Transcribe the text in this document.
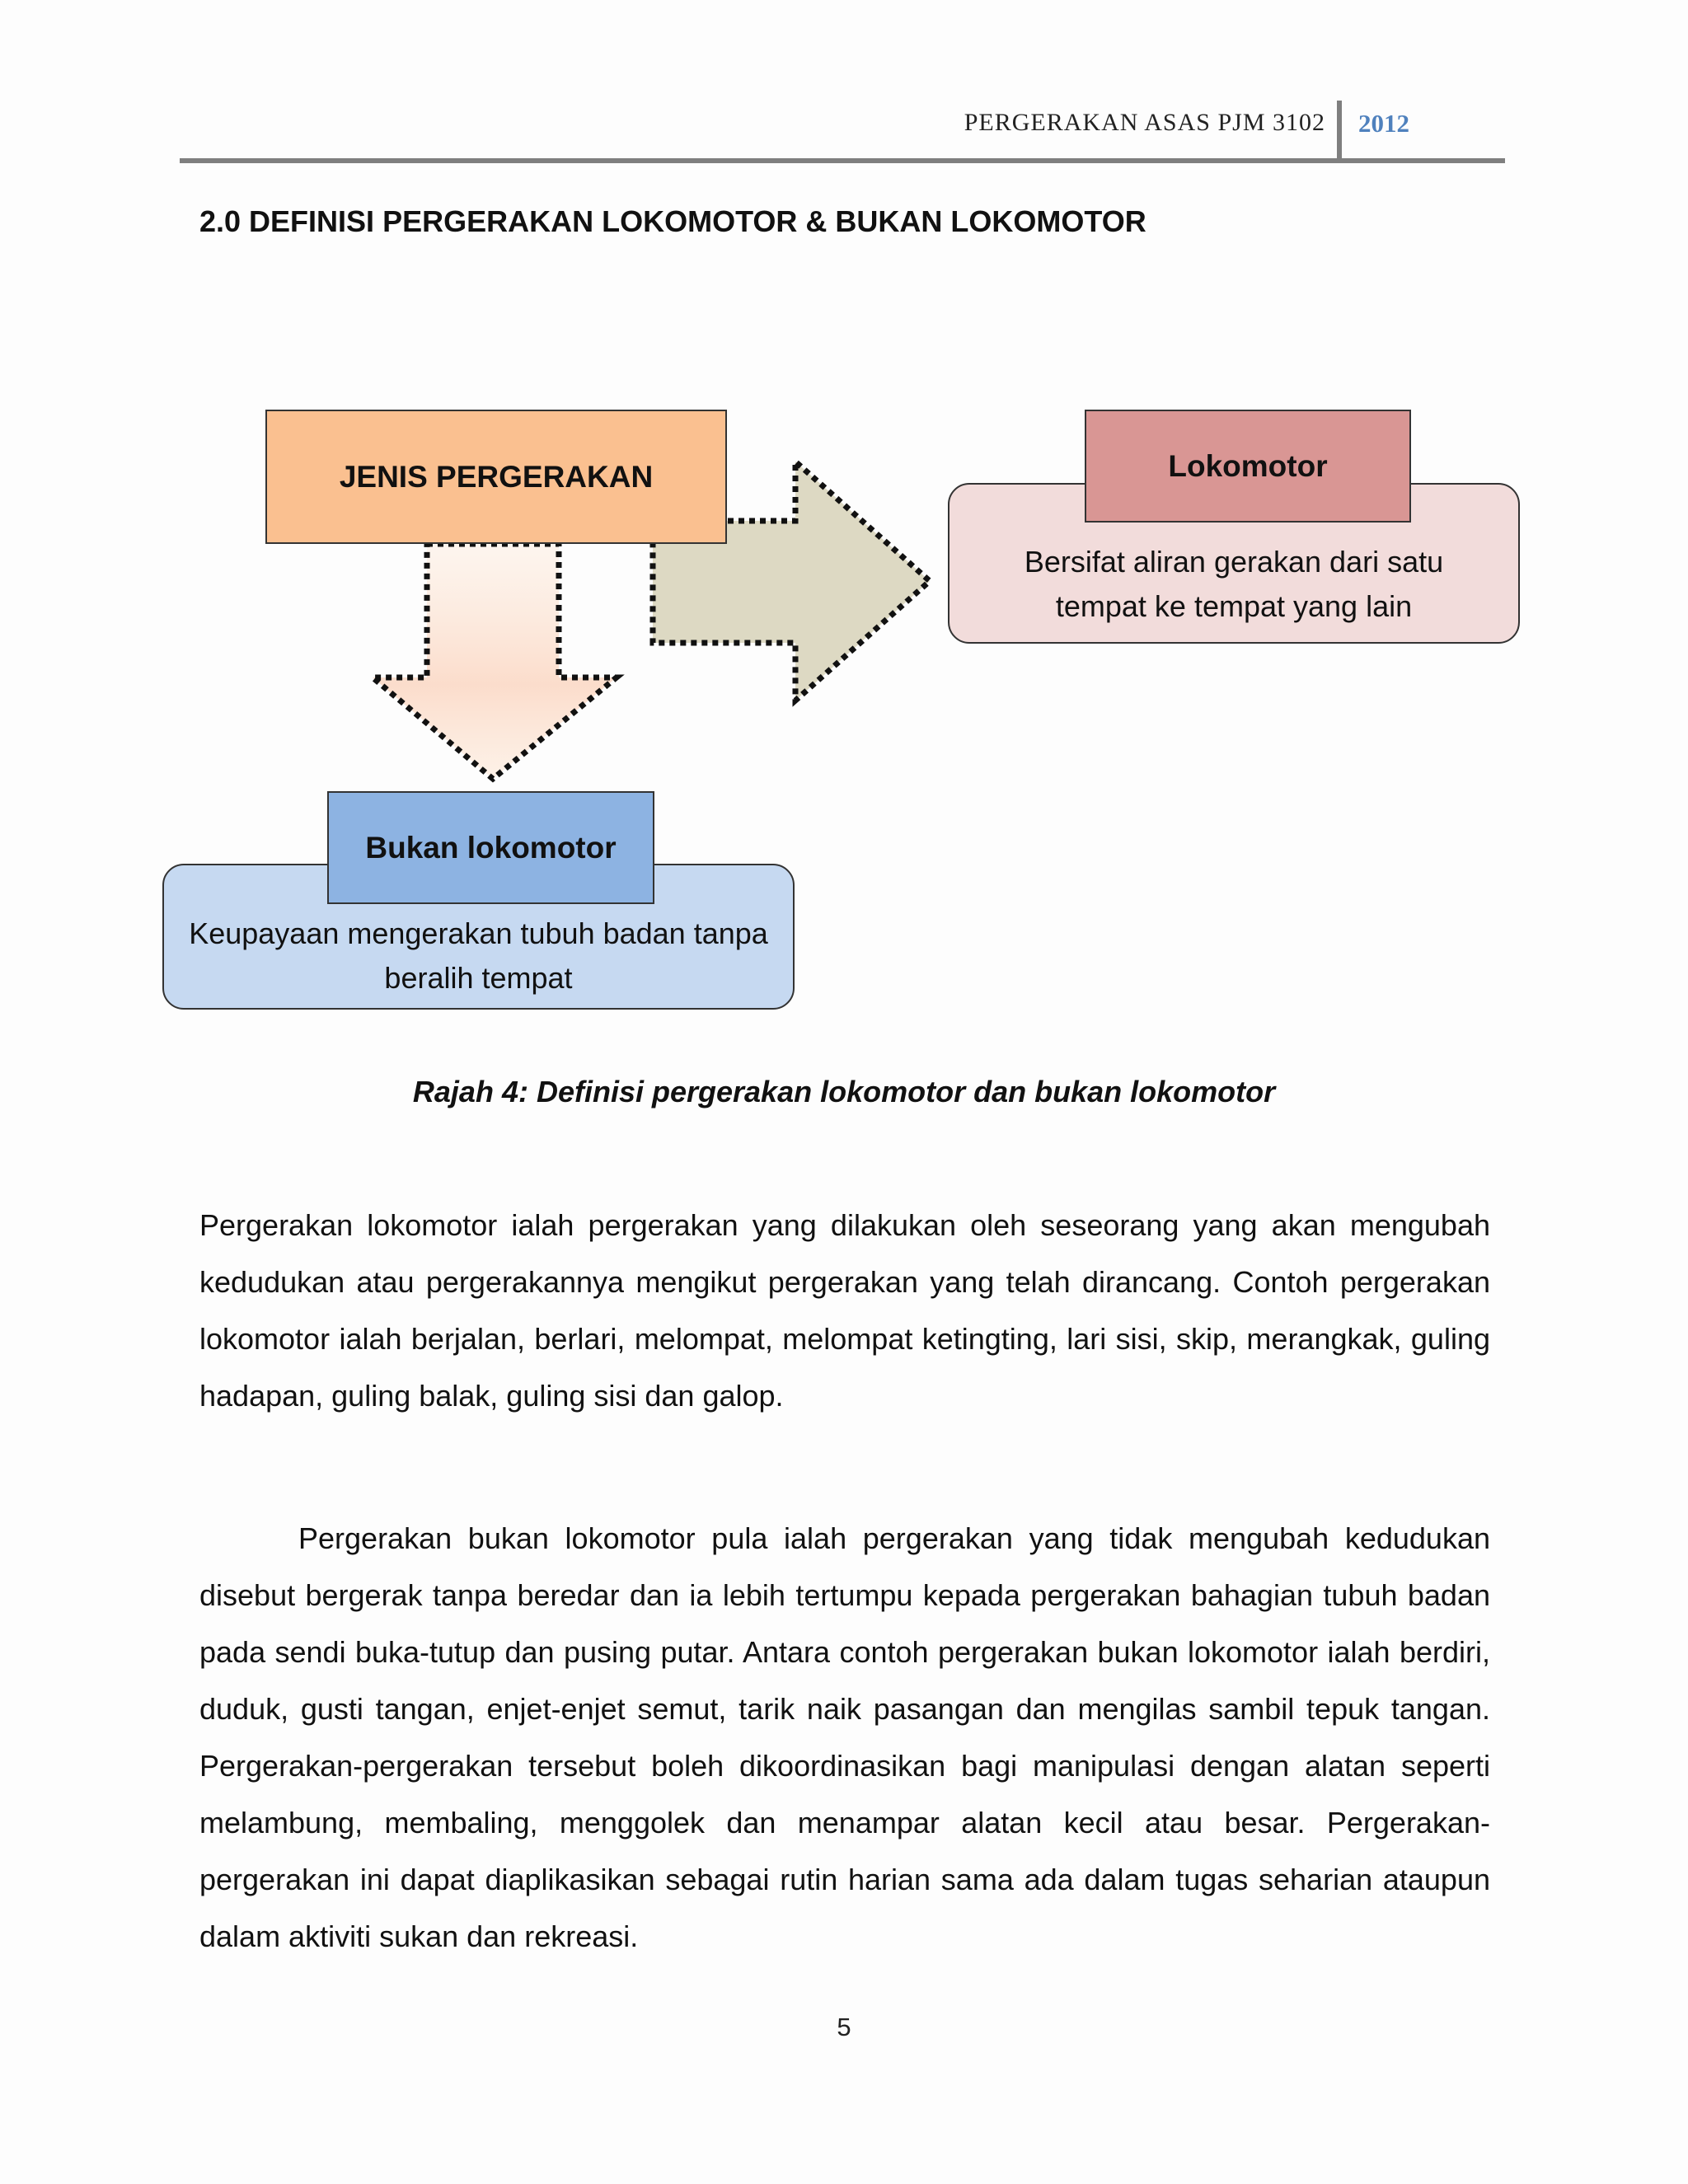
PERGERAKAN ASAS PJM 3102 2012
2.0 DEFINISI PERGERAKAN LOKOMOTOR & BUKAN LOKOMOTOR
Bersifat aliran gerakan dari satu tempat ke tempat yang lain
Lokomotor
Keupayaan mengerakan tubuh badan tanpa beralih tempat
Bukan lokomotor
JENIS PERGERAKAN

Rajah 4: Definisi pergerakan lokomotor dan bukan lokomotor

Pergerakan lokomotor ialah pergerakan yang dilakukan oleh seseorang yang akan mengubah kedudukan atau pergerakannya mengikut pergerakan yang telah dirancang. Contoh pergerakan lokomotor ialah berjalan, berlari, melompat, melompat ketingting, lari sisi, skip, merangkak, guling hadapan, guling balak, guling sisi dan galop.

Pergerakan bukan lokomotor pula ialah pergerakan yang tidak mengubah kedudukan disebut bergerak tanpa beredar dan ia lebih tertumpu kepada pergerakan bahagian tubuh badan pada sendi buka-tutup dan pusing putar. Antara contoh pergerakan bukan lokomotor ialah berdiri, duduk, gusti tangan, enjet-enjet semut, tarik naik pasangan dan mengilas sambil tepuk tangan. Pergerakan-pergerakan tersebut boleh dikoordinasikan bagi manipulasi dengan alatan seperti melambung, membaling, menggolek dan menampar alatan kecil atau besar. Pergerakan-pergerakan ini dapat diaplikasikan sebagai rutin harian sama ada dalam tugas seharian ataupun dalam aktiviti sukan dan rekreasi.

5
